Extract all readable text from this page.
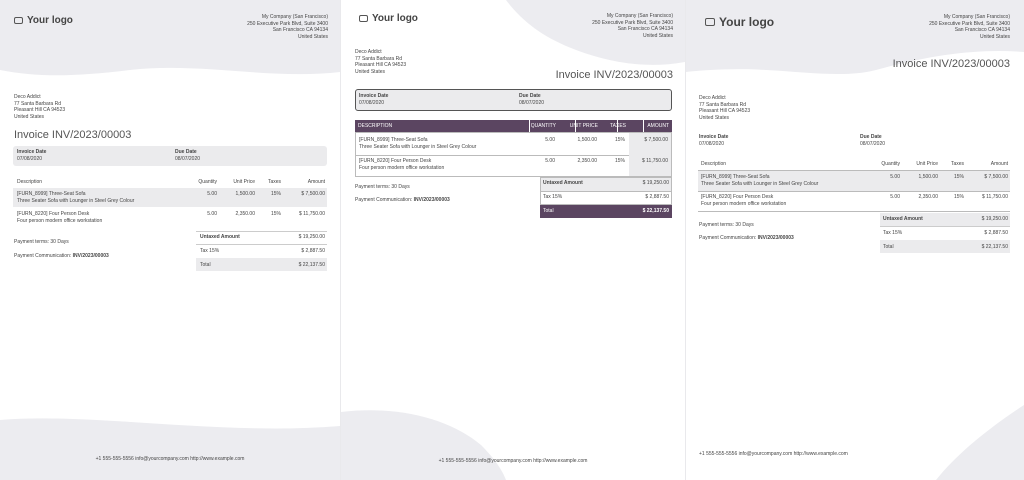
Your logo	My Company (San Francisco)
250 Executive Park Blvd, Suite 3400
San Francisco CA 94134
United States
Deco Addict
77 Santa Barbara Rd
Pleasant Hill CA 94523
United States
Invoice INV/2023/00003
Invoice Date
07/08/2020
Due Date
08/07/2020
Description	Quantity	Unit Price	Taxes	Amount
[FURN_8999] Three-Seat Sofa
Three Seater Sofa with Lounger in Steel Grey Colour
5.00	1,500.00	15%	$ 7,500.00
[FURN_8220] Four Person Desk
Four person modern office workstation
5.00	2,350.00	15%	$ 11,750.00
Payment terms: 30 Days
Payment Communication: INV/2023/00003
Untaxed Amount	$ 19,250.00
Tax 15%	$ 2,887.50
Total	$ 22,137.50
+1 555-555-5556 info@yourcompany.com http://www.example.com
Your logo	My Company (San Francisco)
250 Executive Park Blvd, Suite 3400
San Francisco CA 94134
United States
Deco Addict
77 Santa Barbara Rd
Pleasant Hill CA 94523
United States	Invoice INV/2023/00003
Invoice Date
07/08/2020
Due Date
08/07/2020
DESCRIPTION	QUANTITY	UNIT PRICE TAXES	AMOUNT
[FURN_8999] Three-Seat Sofa
Three Seater Sofa with Lounger in Steel Grey Colour
5.00	1,500.00	15%	$ 7,500.00
[FURN_8220] Four Person Desk
Four person modern office workstation
5.00	2,350.00	15%	$ 11,750.00
Payment terms: 30 Days
Payment Communication: INV/2023/00003
Untaxed Amount	$ 19,250.00
Tax 15%	$ 2,887.50
Total	$ 22,137.50
+1 555-555-5556 info@yourcompany.com http://www.example.com
Your logo	My Company (San Francisco)
250 Executive Park Blvd, Suite 3400
San Francisco CA 94134
United States
Invoice INV/2023/00003
Deco Addict
77 Santa Barbara Rd
Pleasant Hill CA 94523
United States
Invoice Date
07/08/2020
Due Date
08/07/2020
Description	Quantity	Unit Price	Taxes	Amount
[FURN_8999] Three-Seat Sofa
Three Seater Sofa with Lounger in Steel Grey Colour
5.00	1,500.00	15%	$ 7,500.00
[FURN_8220] Four Person Desk
Four person modern office workstation
5.00	2,350.00	15%	$ 11,750.00
Payment terms: 30 Days
Payment Communication: INV/2023/00003
Untaxed Amount	$ 19,250.00
Tax 15%	$ 2,887.50
Total	$ 22,137.50
+1 555-555-5556 info@yourcompany.com http://www.example.com
